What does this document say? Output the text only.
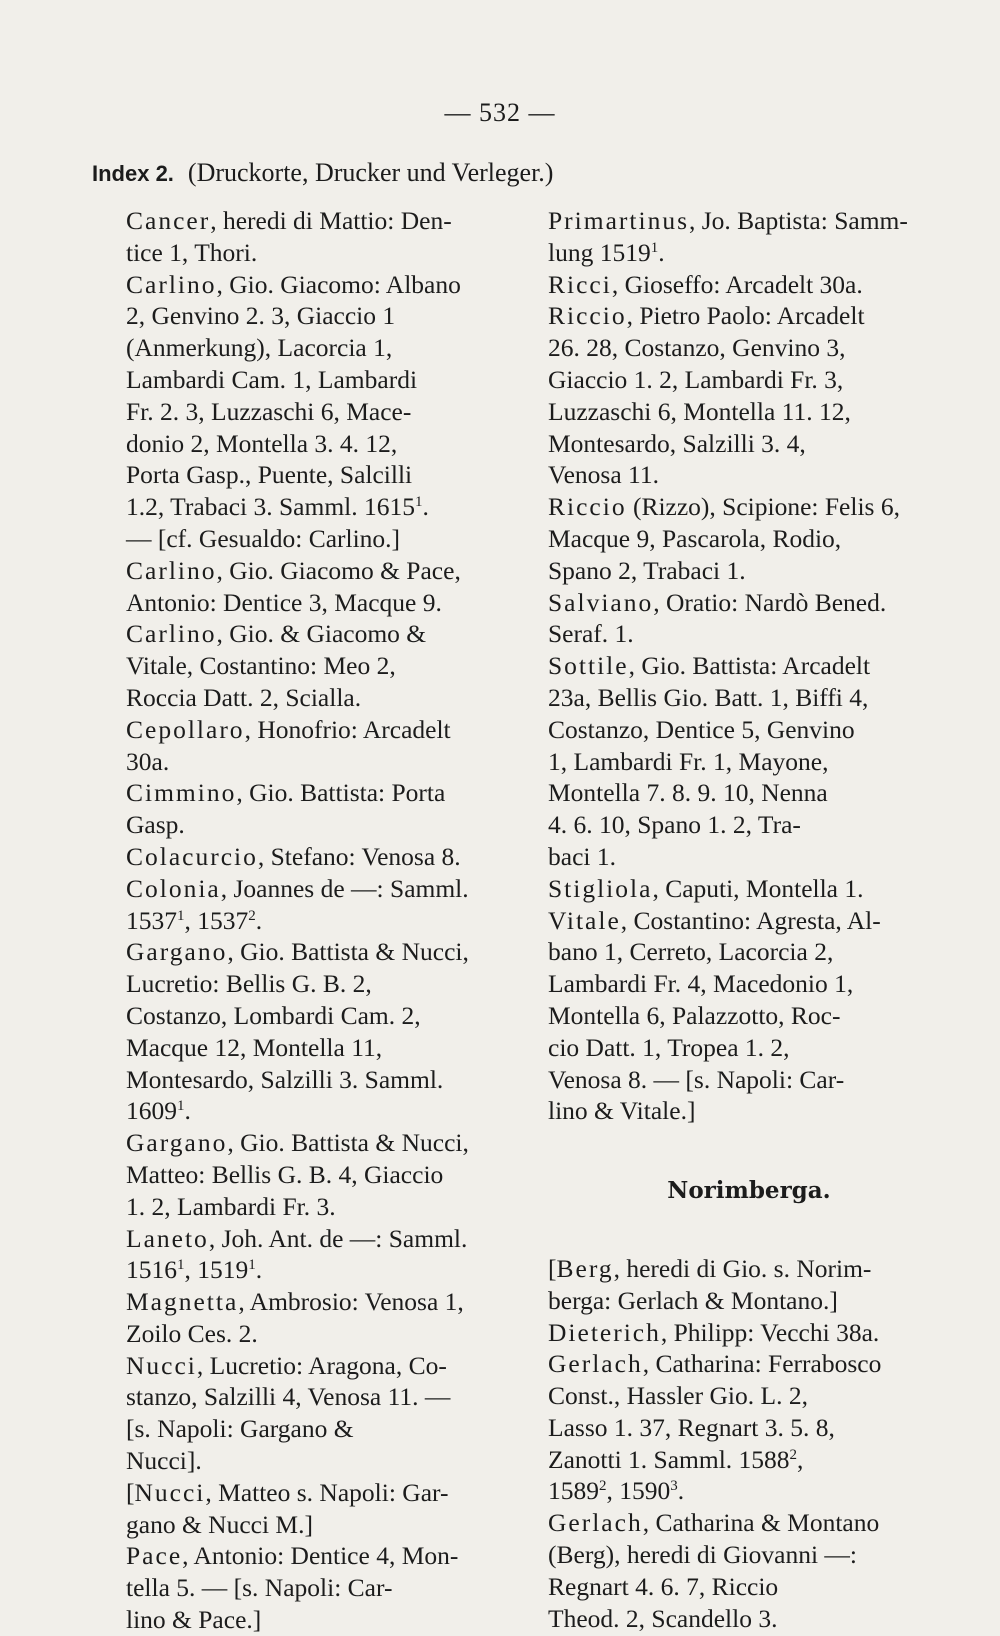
— 532 —
Index 2. (Druckorte, Drucker und Verleger.)
Cancer, heredi di Mattio: Den-
tice 1, Thori.
Carlino, Gio. Giacomo: Albano
2, Genvino 2. 3, Giaccio 1
(Anmerkung), Lacorcia 1,
Lambardi Cam. 1, Lambardi
Fr. 2. 3, Luzzaschi 6, Mace-
donio 2, Montella 3. 4. 12,
Porta Gasp., Puente, Salcilli
1.2, Trabaci 3. Samml. 1615$^1$.
— [cf. Gesualdo: Carlino.]
Carlino, Gio. Giacomo & Pace,
Antonio: Dentice 3, Macque 9.
Carlino, Gio. & Giacomo &
Vitale, Costantino: Meo 2,
Roccia Datt. 2, Scialla.
Cepollaro, Honofrio: Arcadelt
30a.
Cimmino, Gio. Battista: Porta
Gasp.
Colacurcio, Stefano: Venosa 8.
Colonia, Joannes de —: Samml.
1537$^1$, 1537$^2$.
Gargano, Gio. Battista & Nucci,
Lucretio: Bellis G. B. 2,
Costanzo, Lombardi Cam. 2,
Macque 12, Montella 11,
Montesardo, Salzilli 3. Samml.
1609$^1$.
Gargano, Gio. Battista & Nucci,
Matteo: Bellis G. B. 4, Giaccio
1. 2, Lambardi Fr. 3.
Laneto, Joh. Ant. de —: Samml.
1516$^1$, 1519$^1$.
Magnetta, Ambrosio: Venosa 1,
Zoilo Ces. 2.
Nucci, Lucretio: Aragona, Co-
stanzo, Salzilli 4, Venosa 11. —
[s. Napoli: Gargano &
Nucci].
[Nucci, Matteo s. Napoli: Gar-
gano & Nucci M.]
Pace, Antonio: Dentice 4, Mon-
tella 5. — [s. Napoli: Car-
lino & Pace.]
Primartinus, Jo. Baptista: Samm-
lung 1519$^1$.
Ricci, Gioseffo: Arcadelt 30a.
Riccio, Pietro Paolo: Arcadelt
26. 28, Costanzo, Genvino 3,
Giaccio 1. 2, Lambardi Fr. 3,
Luzzaschi 6, Montella 11. 12,
Montesardo, Salzilli 3. 4,
Venosa 11.
Riccio (Rizzo), Scipione: Felis 6,
Macque 9, Pascarola, Rodio,
Spano 2, Trabaci 1.
Salviano, Oratio: Nardò Bened.
Seraf. 1.
Sottile, Gio. Battista: Arcadelt
23a, Bellis Gio. Batt. 1, Biffi 4,
Costanzo, Dentice 5, Genvino
1, Lambardi Fr. 1, Mayone,
Montella 7. 8. 9. 10, Nenna
4. 6. 10, Spano 1. 2, Tra-
baci 1.
Stigliola, Caputi, Montella 1.
Vitale, Costantino: Agresta, Al-
bano 1, Cerreto, Lacorcia 2,
Lambardi Fr. 4, Macedonio 1,
Montella 6, Palazzotto, Roc-
cio Datt. 1, Tropea 1. 2,
Venosa 8. — [s. Napoli: Car-
lino & Vitale.]
Norimberga.
[Berg, heredi di Gio. s. Norim-
berga: Gerlach & Montano.]
Dieterich, Philipp: Vecchi 38a.
Gerlach, Catharina: Ferrabosco
Const., Hassler Gio. L. 2,
Lasso 1. 37, Regnart 3. 5. 8,
Zanotti 1. Samml. 1588$^2$,
1589$^2$, 1590$^3$.
Gerlach, Catharina & Montano
(Berg), heredi di Giovanni —:
Regnart 4. 6. 7, Riccio
Theod. 2, Scandello 3.
